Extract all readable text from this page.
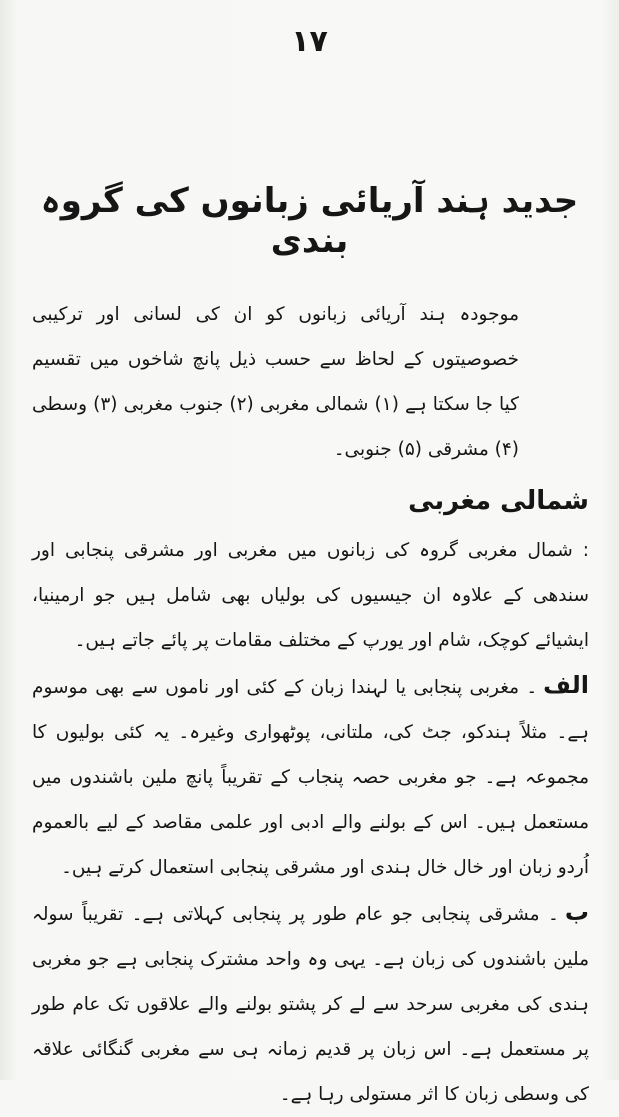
۱۷
جدید ہند آریائی زبانوں کی گروہ بندی

موجودہ ہند آریائی زبانوں کو ان کی لسانی اور ترکیبی خصوصیتوں کے لحاظ سے حسب ذیل پانچ شاخوں میں تقسیم کیا جا سکتا ہے (۱) شمالی مغربی (۲) جنوب مغربی (۳) وسطی (۴) مشرقی (۵) جنوبی۔

شمالی مغربی

: شمال مغربی گروہ کی زبانوں میں مغربی اور مشرقی پنجابی اور سندھی کے علاوہ ان جیسیوں کی بولیاں بھی شامل ہیں جو ارمینیا، ایشیائے کوچک، شام اور یورپ کے مختلف مقامات پر پائے جاتے ہیں۔

الف۔ مغربی پنجابی یا لہندا زبان کے کئی اور ناموں سے بھی موسوم ہے۔ مثلاً ہندکو، جٹ کی، ملتانی، پوٹھواری وغیرہ۔ یہ کئی بولیوں کا مجموعہ ہے۔ جو مغربی حصہ پنجاب کے تقریباً پانچ ملین باشندوں میں مستعمل ہیں۔ اس کے بولنے والے ادبی اور علمی مقاصد کے لیے بالعموم اُردو زبان اور خال خال ہندی اور مشرقی پنجابی استعمال کرتے ہیں۔

ب۔ مشرقی پنجابی جو عام طور پر پنجابی کہلاتی ہے۔ تقریباً سولہ ملین باشندوں کی زبان ہے۔ یہی وہ واحد مشترک پنجابی ہے جو مغربی ہندی کی مغربی سرحد سے لے کر پشتو بولنے والے علاقوں تک عام طور پر مستعمل ہے۔ اس زبان پر قدیم زمانہ ہی سے مغربی گنگائی علاقہ کی وسطی زبان کا اثر مستولی رہا ہے۔
